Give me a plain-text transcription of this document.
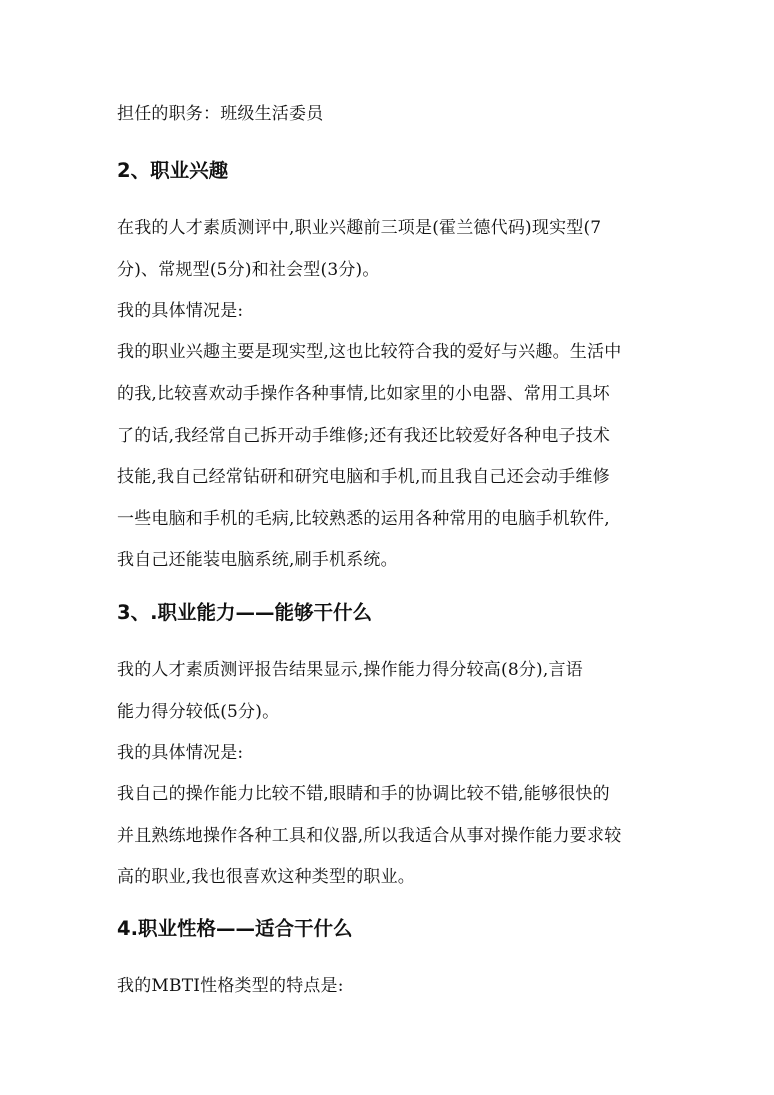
担任的职务：班级生活委员
2、职业兴趣
在我的人才素质测评中,职业兴趣前三项是(霍兰德代码)现实型(7
分)、常规型(5分)和社会型(3分)。
我的具体情况是:
我的职业兴趣主要是现实型,这也比较符合我的爱好与兴趣。生活中
的我,比较喜欢动手操作各种事情,比如家里的小电器、常用工具坏
了的话,我经常自己拆开动手维修;还有我还比较爱好各种电子技术
技能,我自己经常钻研和研究电脑和手机,而且我自己还会动手维修
一些电脑和手机的毛病,比较熟悉的运用各种常用的电脑手机软件,
我自己还能装电脑系统,刷手机系统。
3、.职业能力——能够干什么
我的人才素质测评报告结果显示,操作能力得分较高(8分),言语
能力得分较低(5分)。
我的具体情况是:
我自己的操作能力比较不错,眼睛和手的协调比较不错,能够很快的
并且熟练地操作各种工具和仪器,所以我适合从事对操作能力要求较
高的职业,我也很喜欢这种类型的职业。
4.职业性格——适合干什么
我的MBTI性格类型的特点是:
